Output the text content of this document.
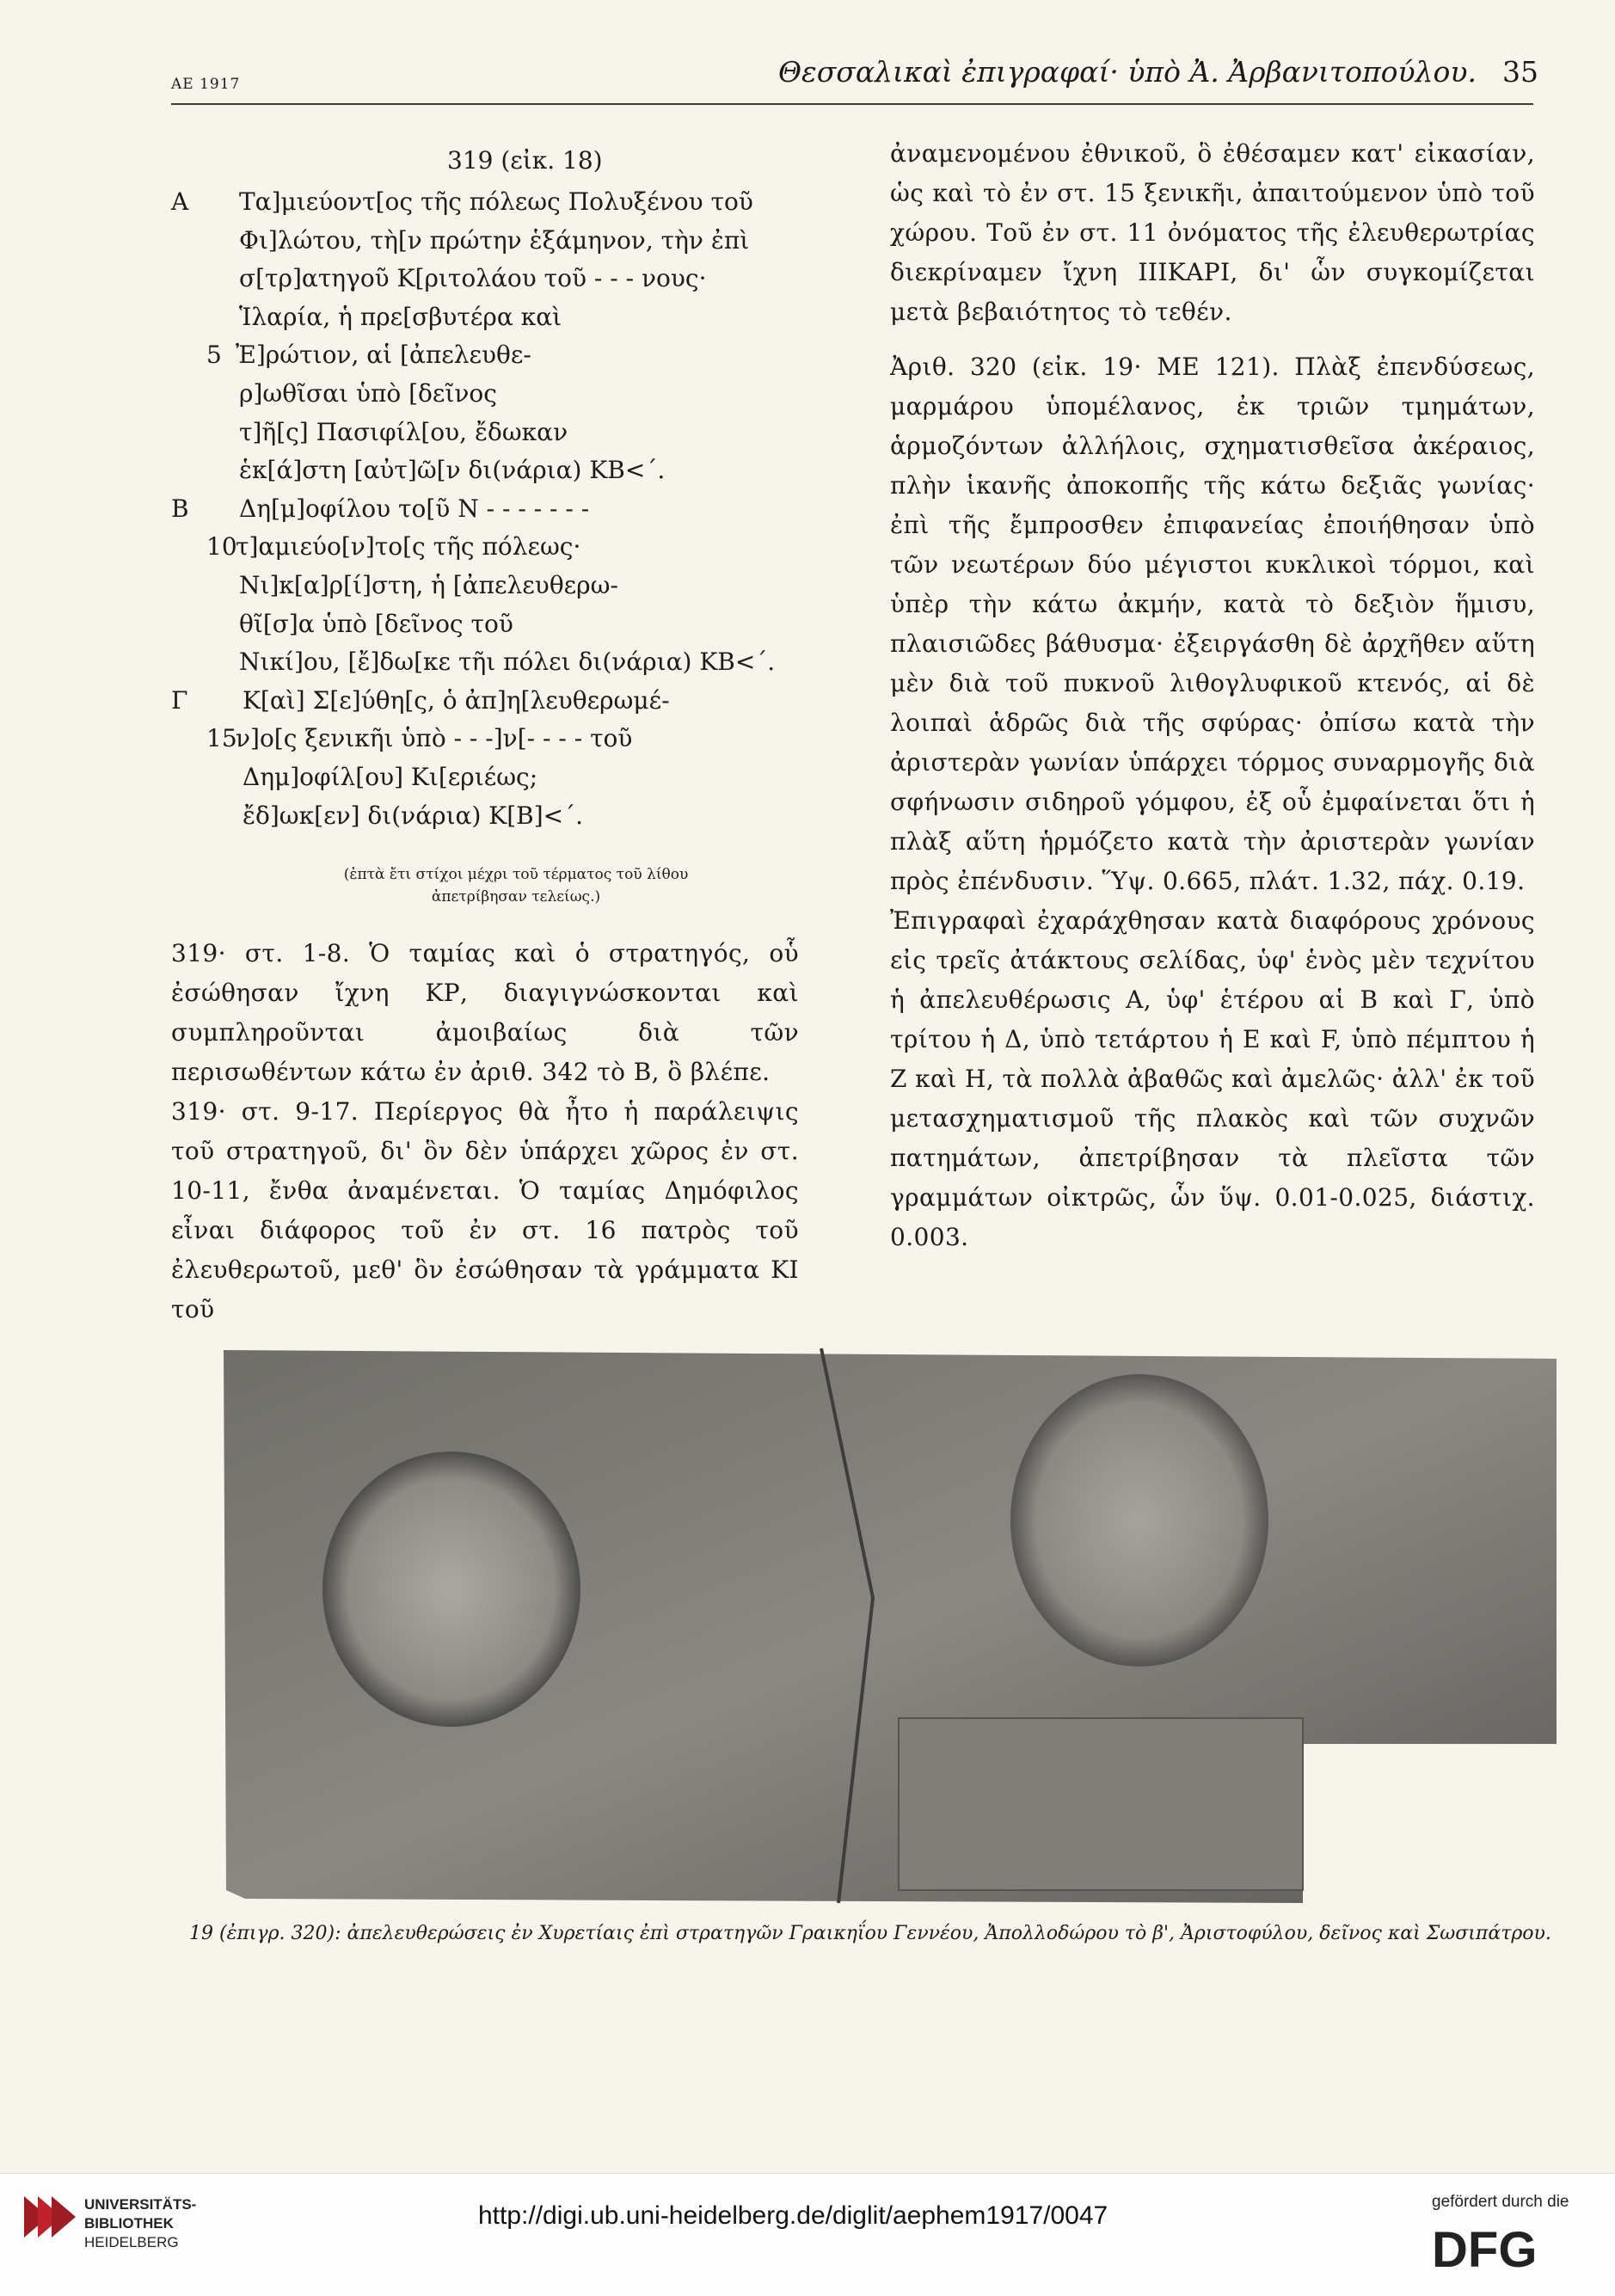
AE 1917	Θεσσαλικαὶ ἐπιγραφαί· ὑπὸ Ἀ. Ἀρβανιτοπούλου. 35
319 (εἰκ. 18)
A Τα]μιεύοντ[ος τῆς πόλεως Πολυξένου τοῦ
Φι]λώτου, τὴ[ν πρώτην ἑξάμηνον, τὴν ἐπὶ
σ[τρ]ατηγοῦ Κ[ριτολάου τοῦ - - - νους·
Ἱλαρία, ἡ πρε[σβυτέρα καὶ
5 Ἐ]ρώτιον, αἱ [ἀπελευθε-
ρ]ωθῖσαι ὑπὸ [δεῖνος
τ]ῆ[ς] Πασιφίλ[ου, ἔδωκαν
ἑκ[ά]στη [αὐτ]ῶ[ν δι(νάρια) ΚΒ<΄.
B Δη[μ]οφίλου το[ῦ Ν - - - - - - -
10
τ]αμιεύο[ν]το[ς τῆς πόλεως·
Νι]κ[α]ρ[ί]στη, ἡ [ἀπελευθερω-
θῖ[σ]α ὑπὸ [δεῖνος τοῦ
Νικί]ου, [ἔ]δω[κε τῆι πόλει δι(νάρια) ΚΒ<΄.
Γ Κ[αὶ] Σ[ε]ύθη[ς, ὁ ἀπ]η[λευθερωμέ-
15
ν]ο[ς ξενικῆι ὑπὸ - - -]ν[- - - - τοῦ
Δημ]οφίλ[ου] Κι[εριέως;
ἔδ]ωκ[εν] δι(νάρια) Κ[Β]<΄.
(ἑπτὰ ἔτι στίχοι μέχρι τοῦ τέρματος τοῦ λίθου
ἀπετρίβησαν τελείως.)

319· στ. 1-8. Ὁ ταμίας καὶ ὁ στρατηγός, οὗ ἐσώθησαν ἴχνη ΚΡ, διαγιγνώσκονται καὶ συμπληροῦνται ἀμοιβαίως διὰ τῶν περισωθέντων κάτω ἐν ἀριθ. 342 τὸ Β, ὃ βλέπε.

319· στ. 9-17. Περίεργος θὰ ἦτο ἡ παράλειψις τοῦ στρατηγοῦ, δι' ὃν δὲν ὑπάρχει χῶρος ἐν στ. 10-11, ἔνθα ἀναμένεται. Ὁ ταμίας Δημόφιλος εἶναι διάφορος τοῦ ἐν στ. 16 πατρὸς τοῦ ἐλευθερωτοῦ, μεθ' ὃν ἐσώθησαν τὰ γράμματα ΚΙ τοῦ

ἀναμενομένου ἐθνικοῦ, ὃ ἐθέσαμεν κατ' εἰκασίαν, ὡς καὶ τὸ ἐν στ. 15 ξενικῆι, ἀπαιτούμενον ὑπὸ τοῦ χώρου. Τοῦ ἐν στ. 11 ὀνόματος τῆς ἐλευθερωτρίας διεκρίναμεν ἴχνη ΙΙΙΚΑΡΙ, δι' ὧν συγκομίζεται μετὰ βεβαιότητος τὸ τεθέν.

Ἀριθ. 320 (εἰκ. 19· ΜΕ 121). Πλὰξ ἐπενδύσεως, μαρμάρου ὑπομέλανος, ἐκ τριῶν τμημάτων, ἁρμοζόντων ἀλλήλοις, σχηματισθεῖσα ἀκέραιος, πλὴν ἱκανῆς ἀποκοπῆς τῆς κάτω δεξιᾶς γωνίας· ἐπὶ τῆς ἔμπροσθεν ἐπιφανείας ἐποιήθησαν ὑπὸ τῶν νεωτέρων δύο μέγιστοι κυκλικοὶ τόρμοι, καὶ ὑπὲρ τὴν κάτω ἀκμήν, κατὰ τὸ δεξιὸν ἥμισυ, πλαισιῶδες βάθυσμα· ἐξειργάσθη δὲ ἀρχῆθεν αὕτη μὲν διὰ τοῦ πυκνοῦ λιθογλυφικοῦ κτενός, αἱ δὲ λοιπαὶ ἁδρῶς διὰ τῆς σφύρας· ὀπίσω κατὰ τὴν ἀριστερὰν γωνίαν ὑπάρχει τόρμος συναρμογῆς διὰ σφήνωσιν σιδηροῦ γόμφου, ἐξ οὗ ἐμφαίνεται ὅτι ἡ πλὰξ αὕτη ἡρμόζετο κατὰ τὴν ἀριστερὰν γωνίαν πρὸς ἐπένδυσιν. Ὕψ. 0.665, πλάτ. 1.32, πάχ. 0.19.

Ἐπιγραφαὶ ἐχαράχθησαν κατὰ διαφόρους χρόνους εἰς τρεῖς ἀτάκτους σελίδας, ὑφ' ἑνὸς μὲν τεχνίτου ἡ ἀπελευθέρωσις Α, ὑφ' ἑτέρου αἱ Β καὶ Γ, ὑπὸ τρίτου ἡ Δ, ὑπὸ τετάρτου ἡ Ε καὶ F, ὑπὸ πέμπτου ἡ Ζ καὶ Η, τὰ πολλὰ ἀβαθῶς καὶ ἀμελῶς· ἀλλ' ἐκ τοῦ μετασχηματισμοῦ τῆς πλακὸς καὶ τῶν συχνῶν πατημάτων, ἀπετρίβησαν τὰ πλεῖστα τῶν γραμμάτων οἰκτρῶς, ὧν ὕψ. 0.01-0.025, διάστιχ. 0.003.

19 (ἐπιγρ. 320): ἀπελευθερώσεις ἐν Χυρετίαις ἐπὶ στρατηγῶν Γραικηΐου Γεννέου, Ἀπολλοδώρου τὸ β', Ἀριστοφύλου, δεῖνος καὶ Σωσιπάτρου.
UNIVERSITÄTS-
BIBLIOTHEK
HEIDELBERG
http://digi.ub.uni-heidelberg.de/diglit/aephem1917/0047	gefördert durch die
DFG
